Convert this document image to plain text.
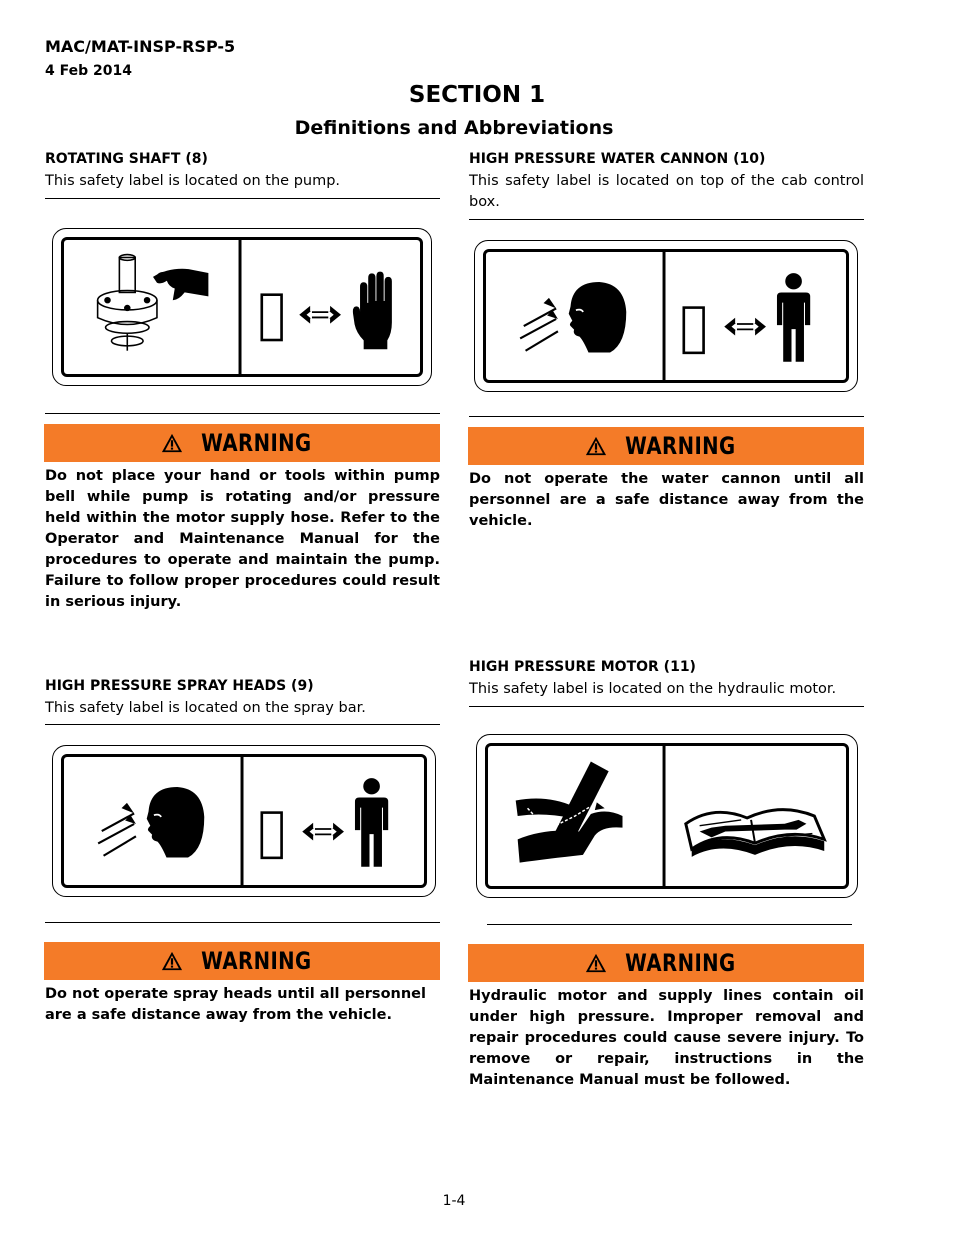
MAC/MAT-INSP-RSP-5
4 Feb 2014
SECTION 1
Definitions and Abbreviations
ROTATING SHAFT (8)
This safety label is located on the pump.
WARNING
Do not place your hand or tools within pump bell while pump is rotating and/or pressure held within the motor supply hose. Refer to the Operator and Maintenance Manual for the procedures to operate and maintain the pump. Failure to follow proper procedures could result in serious injury.
HIGH PRESSURE WATER CANNON (10)
This safety label is located on top of the cab control box.
WARNING
Do not operate the water cannon until all personnel are a safe distance away from the vehicle.
HIGH PRESSURE SPRAY HEADS (9)
This safety label is located on the spray bar.
WARNING
Do not operate spray heads until all personnel are a safe distance away from the vehicle.
HIGH PRESSURE MOTOR (11)
This safety label is located on the hydraulic motor.
WARNING
Hydraulic motor and supply lines contain oil under high pressure. Improper removal and repair procedures could cause severe injury. To remove or repair, instructions in the Maintenance Manual must be followed.
1-4
